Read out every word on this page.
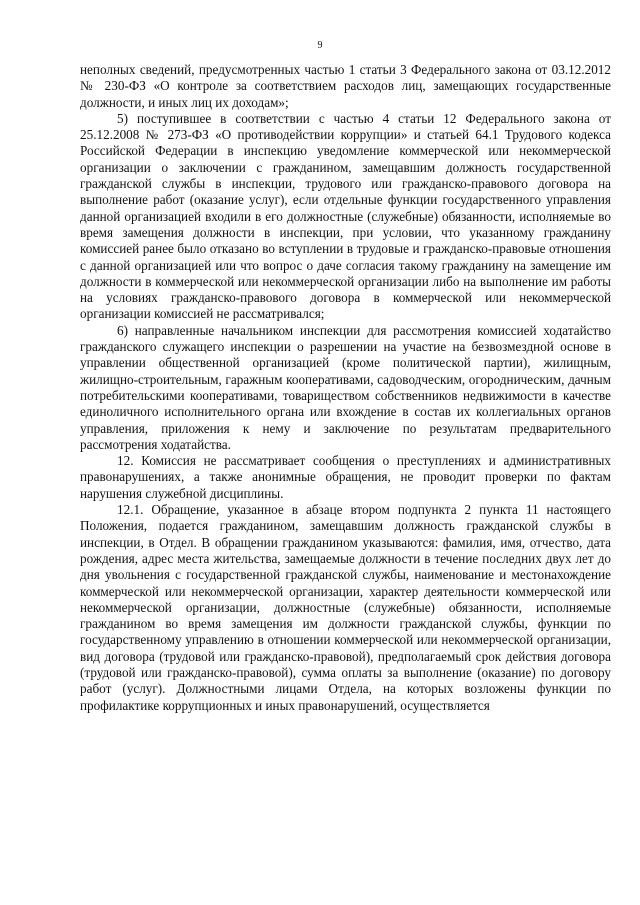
9

неполных сведений, предусмотренных частью 1 статьи 3 Федерального закона от 03.12.2012 № 230-ФЗ «О контроле за соответствием расходов лиц, замещающих государственные должности, и иных лиц их доходам»;

5) поступившее в соответствии с частью 4 статьи 12 Федерального закона от 25.12.2008 № 273-ФЗ «О противодействии коррупции» и статьей 64.1 Трудового кодекса Российской Федерации в инспекцию уведомление коммерческой или некоммерческой организации о заключении с гражданином, замещавшим должность государственной гражданской службы в инспекции, трудового или гражданско-правового договора на выполнение работ (оказание услуг), если отдельные функции государственного управления данной организацией входили в его должностные (служебные) обязанности, исполняемые во время замещения должности в инспекции, при условии, что указанному гражданину комиссией ранее было отказано во вступлении в трудовые и гражданско-правовые отношения с данной организацией или что вопрос о даче согласия такому гражданину на замещение им должности в коммерческой или некоммерческой организации либо на выполнение им работы на условиях гражданско-правового договора в коммерческой или некоммерческой организации комиссией не рассматривался;

6) направленные начальником инспекции для рассмотрения комиссией ходатайство гражданского служащего инспекции о разрешении на участие на безвозмездной основе в управлении общественной организацией (кроме политической партии), жилищным, жилищно-строительным, гаражным кооперативами, садоводческим, огородническим, дачным потребительскими кооперативами, товариществом собственников недвижимости в качестве единоличного исполнительного органа или вхождение в состав их коллегиальных органов управления, приложения к нему и заключение по результатам предварительного рассмотрения ходатайства.

12. Комиссия не рассматривает сообщения о преступлениях и административных правонарушениях, а также анонимные обращения, не проводит проверки по фактам нарушения служебной дисциплины.

12.1. Обращение, указанное в абзаце втором подпункта 2 пункта 11 настоящего Положения, подается гражданином, замещавшим должность гражданской службы в инспекции, в Отдел. В обращении гражданином указываются: фамилия, имя, отчество, дата рождения, адрес места жительства, замещаемые должности в течение последних двух лет до дня увольнения с государственной гражданской службы, наименование и местонахождение коммерческой или некоммерческой организации, характер деятельности коммерческой или некоммерческой организации, должностные (служебные) обязанности, исполняемые гражданином во время замещения им должности гражданской службы, функции по государственному управлению в отношении коммерческой или некоммерческой организации, вид договора (трудовой или гражданско-правовой), предполагаемый срок действия договора (трудовой или гражданско-правовой), сумма оплаты за выполнение (оказание) по договору работ (услуг). Должностными лицами Отдела, на которых возложены функции по профилактике коррупционных и иных правонарушений, осуществляется
